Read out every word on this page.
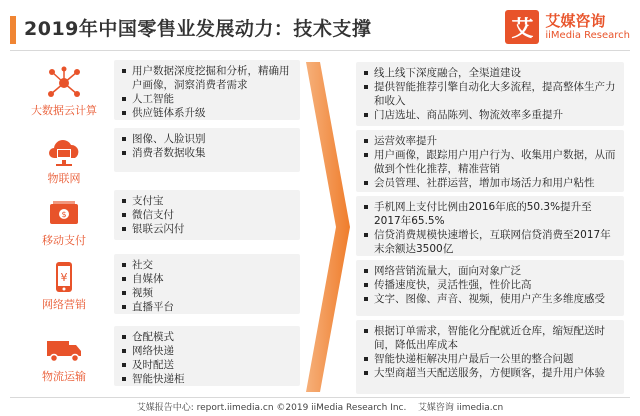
2019年中国零售业发展动力：技术支撑	艾 艾媒咨询
iiMedia Research
大数据云计算
用户数据深度挖掘和分析，精确用户画像，洞察消费者需求
人工智能
供应链体系升级
物联网
图像、人脸识别
消费者数据收集
$
移动支付
支付宝
微信支付
银联云闪付
¥
网络营销
社交
自媒体
视频
直播平台
物流运输
仓配模式
网络快递
及时配送
智能快递柜
线上线下深度融合，全渠道建设
提供智能推荐引擎自动化大多流程，提高整体生产力和收入
门店选址、商品陈列、物流效率多重提升
运营效率提升
用户画像，跟踪用户用户行为、收集用户数据，从而做到个性化推荐，精准营销
会员管理、社群运营，增加市场活力和用户粘性
手机网上支付比例由2016年底的50.3%提升至2017年65.5%
信贷消费规模快速增长，互联网信贷消费至2017年末余额达3500亿
网络营销流量大，面向对象广泛
传播速度快，灵活性强，性价比高
文字、图像、声音、视频，使用户产生多维度感受
根据订单需求，智能化分配就近仓库，缩短配送时间，降低出库成本
智能快递柜解决用户最后一公里的整合问题
大型商超当天配送服务，方便顾客，提升用户体验
艾媒报告中心: report.iimedia.cn ©2019 iiMedia Research Inc. 艾媒咨询 iimedia.cn
